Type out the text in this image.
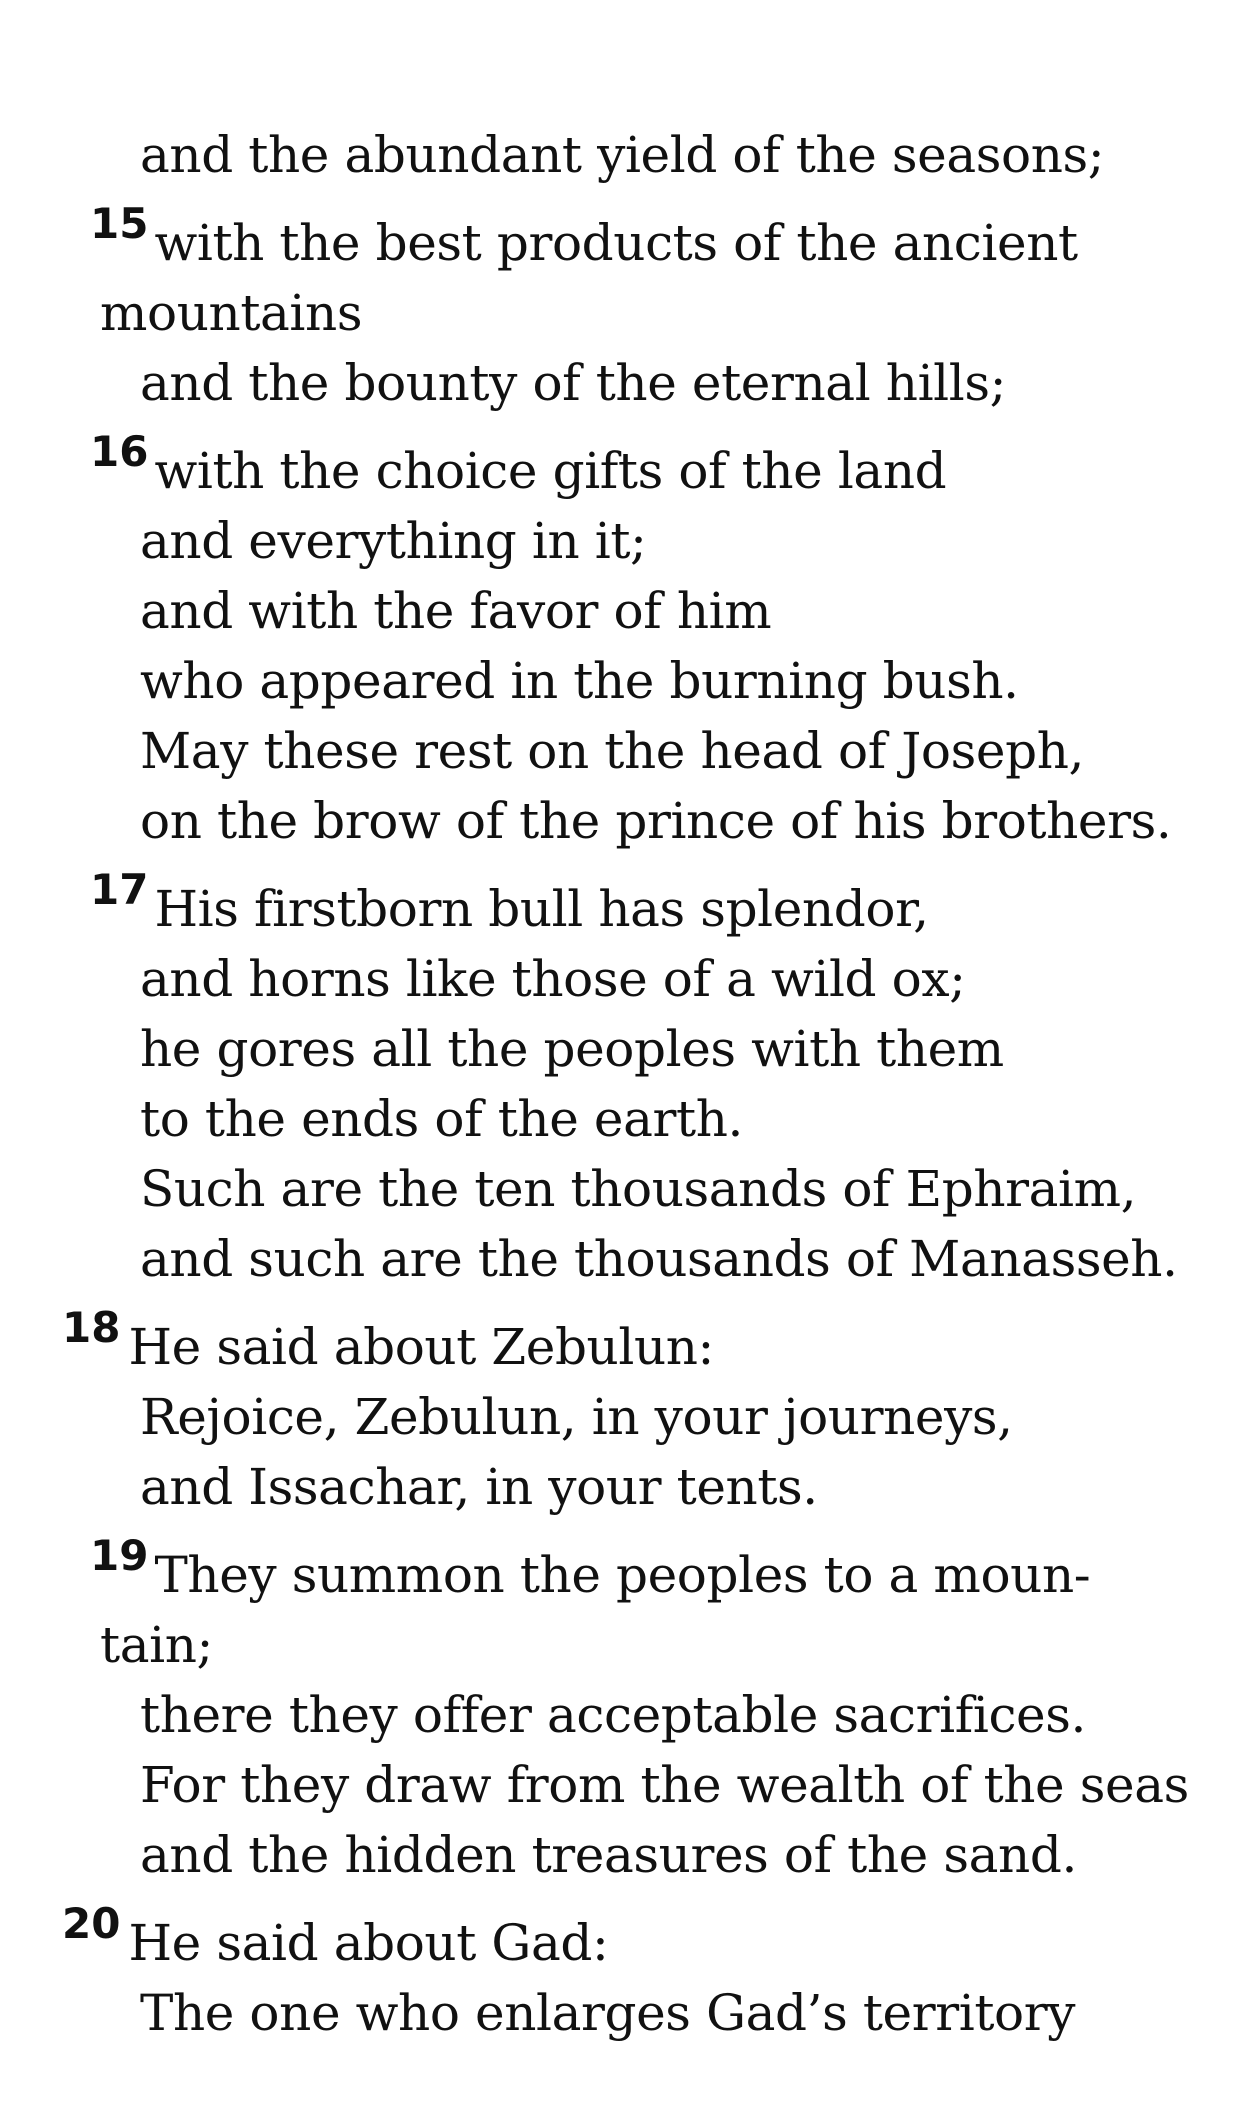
and the abundant yield of the seasons;
$^{15}$ with the best products of the ancient
mountains
and the bounty of the eternal hills;
$^{16}$ with the choice gifts of the land
and everything in it;
and with the favor of him
who appeared in the burning bush.
May these rest on the head of Joseph,
on the brow of the prince of his brothers.
$^{17}$ His firstborn bull has splendor,
and horns like those of a wild ox;
he gores all the peoples with them
to the ends of the earth.
Such are the ten thousands of Ephraim,
and such are the thousands of Manasseh.
$^{18}$ He said about Zebulun:
Rejoice, Zebulun, in your journeys,
and Issachar, in your tents.
$^{19}$ They summon the peoples to a moun-
tain;
there they offer acceptable sacrifices.
For they draw from the wealth of the seas
and the hidden treasures of the sand.
$^{20}$ He said about Gad:
The one who enlarges Gad’s territory
